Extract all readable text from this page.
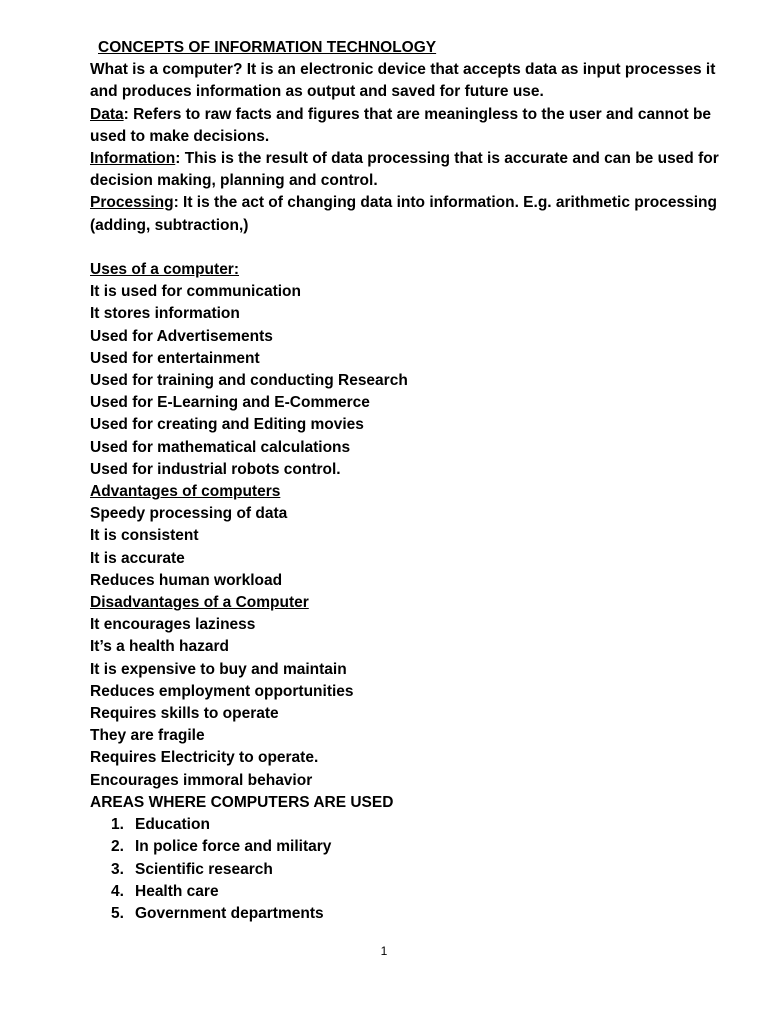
CONCEPTS OF INFORMATION TECHNOLOGY
What is a computer? It is an electronic device that accepts data as input processes it and produces information as output and saved for future use.
Data: Refers to raw facts and figures that are meaningless to the user and cannot be used to make decisions.
Information: This is the result of data processing that is accurate and can be used for decision making, planning and control.
Processing: It is the act of changing data into information. E.g. arithmetic processing (adding, subtraction,)
Uses of a computer:
It is used for communication
It stores information
Used for Advertisements
Used for entertainment
Used for training and conducting Research
Used for E-Learning and E-Commerce
Used for creating and Editing movies
Used for mathematical calculations
Used for industrial robots control.
Advantages of computers
Speedy processing of data
It is consistent
It is accurate
Reduces human workload
Disadvantages of a Computer
It encourages laziness
It’s a health hazard
It is expensive to buy and maintain
Reduces employment opportunities
Requires skills to operate
They are fragile
Requires Electricity to operate.
Encourages immoral behavior
AREAS WHERE COMPUTERS ARE USED
1. Education
2. In police force and military
3. Scientific research
4. Health care
5. Government departments
1
